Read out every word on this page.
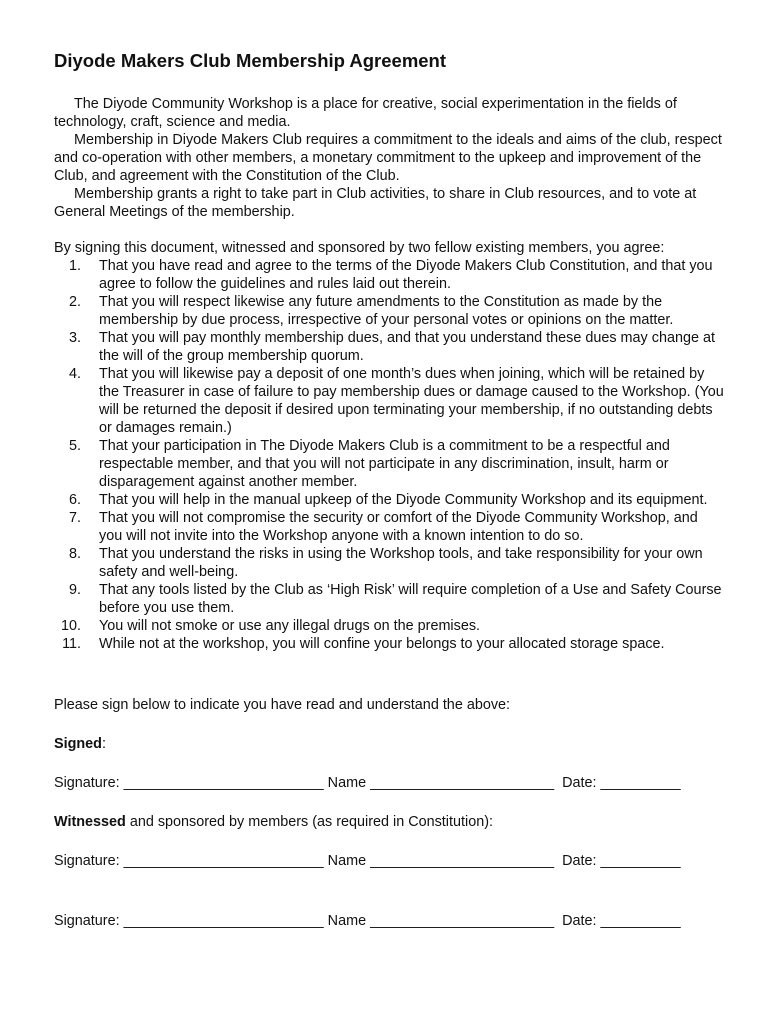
Diyode Makers Club Membership Agreement

The Diyode Community Workshop is a place for creative, social experimentation in the fields of technology, craft, science and media.

Membership in Diyode Makers Club requires a commitment to the ideals and aims of the club, respect and co-operation with other members, a monetary commitment to the upkeep and improvement of the Club, and agreement with the Constitution of the Club.

Membership grants a right to take part in Club activities, to share in Club resources, and to vote at General Meetings of the membership.

By signing this document, witnessed and sponsored by two fellow existing members, you agree:

1. That you have read and agree to the terms of the Diyode Makers Club Constitution, and that you agree to follow the guidelines and rules laid out therein.
2. That you will respect likewise any future amendments to the Constitution as made by the membership by due process, irrespective of your personal votes or opinions on the matter.
3. That you will pay monthly membership dues, and that you understand these dues may change at the will of the group membership quorum.
4. That you will likewise pay a deposit of one month’s dues when joining, which will be retained by the Treasurer in case of failure to pay membership dues or damage caused to the Workshop. (You will be returned the deposit if desired upon terminating your membership, if no outstanding debts or damages remain.)
5. That your participation in The Diyode Makers Club is a commitment to be a respectful and respectable member, and that you will not participate in any discrimination, insult, harm or disparagement against another member.
6. That you will help in the manual upkeep of the Diyode Community Workshop and its equipment.
7. That you will not compromise the security or comfort of the Diyode Community Workshop, and you will not invite into the Workshop anyone with a known intention to do so.
8. That you understand the risks in using the Workshop tools, and take responsibility for your own safety and well-being.
9. That any tools listed by the Club as ‘High Risk’ will require completion of a Use and Safety Course before you use them.
10. You will not smoke or use any illegal drugs on the premises.
11. While not at the workshop, you will confine your belongs to your allocated storage space.

Please sign below to indicate you have read and understand the above:

Signed:

Signature: _________________________ Name _______________________ Date: __________

Witnessed and sponsored by members (as required in Constitution):

Signature: _________________________ Name _______________________ Date: __________
Signature: _________________________ Name _______________________ Date: __________
